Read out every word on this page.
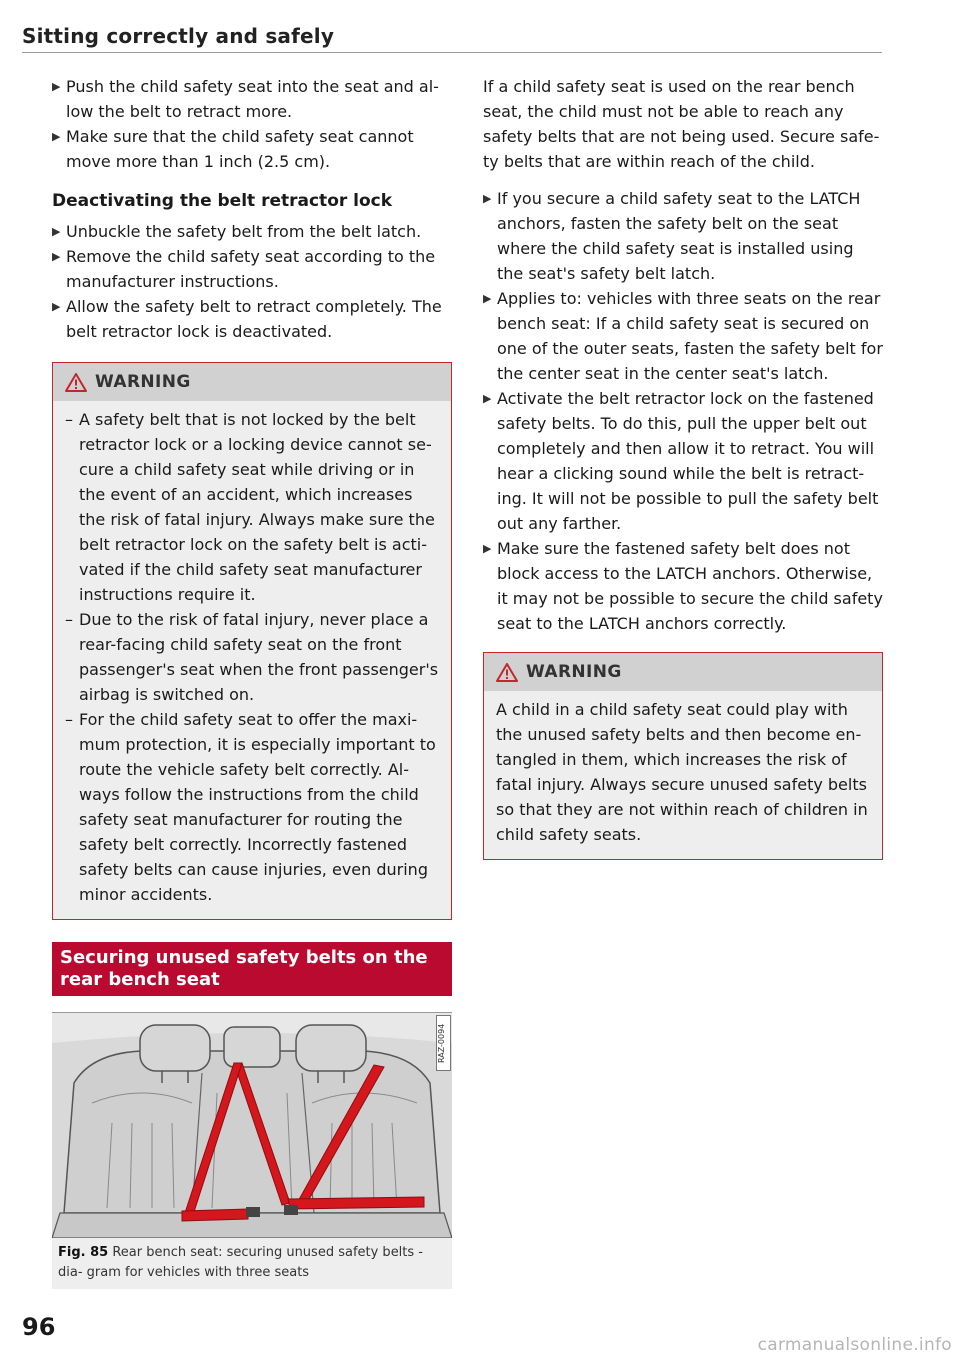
Sitting correctly and safely
▶ Push the child safety seat into the seat and al- low the belt to retract more.
▶ Make sure that the child safety seat cannot move more than 1 inch (2.5 cm).
Deactivating the belt retractor lock
▶ Unbuckle the safety belt from the belt latch.
▶ Remove the child safety seat according to the manufacturer instructions.
▶ Allow the safety belt to retract completely. The belt retractor lock is deactivated.
WARNING
– A safety belt that is not locked by the belt retractor lock or a locking device cannot se- cure a child safety seat while driving or in the event of an accident, which increases the risk of fatal injury. Always make sure the belt retractor lock on the safety belt is acti- vated if the child safety seat manufacturer instructions require it.
– Due to the risk of fatal injury, never place a rear-facing child safety seat on the front passenger's seat when the front passenger's airbag is switched on.
– For the child safety seat to offer the maxi- mum protection, it is especially important to route the vehicle safety belt correctly. Al- ways follow the instructions from the child safety seat manufacturer for routing the safety belt correctly. Incorrectly fastened safety belts can cause injuries, even during minor accidents.
Securing unused safety belts on the rear bench seat
RAZ-0094
Fig. 85 Rear bench seat: securing unused safety belts - dia- gram for vehicles with three seats

If a child safety seat is used on the rear bench seat, the child must not be able to reach any safety belts that are not being used. Secure safe- ty belts that are within reach of the child.

▶ If you secure a child safety seat to the LATCH anchors, fasten the safety belt on the seat where the child safety seat is installed using the seat's safety belt latch.
▶ Applies to: vehicles with three seats on the rear bench seat: If a child safety seat is secured on one of the outer seats, fasten the safety belt for the center seat in the center seat's latch.
▶ Activate the belt retractor lock on the fastened safety belts. To do this, pull the upper belt out completely and then allow it to retract. You will hear a clicking sound while the belt is retract- ing. It will not be possible to pull the safety belt out any farther.
▶ Make sure the fastened safety belt does not block access to the LATCH anchors. Otherwise, it may not be possible to secure the child safety seat to the LATCH anchors correctly.
WARNING

A child in a child safety seat could play with the unused safety belts and then become en- tangled in them, which increases the risk of fatal injury. Always secure unused safety belts so that they are not within reach of children in child safety seats.

96
carmanualsonline.info
